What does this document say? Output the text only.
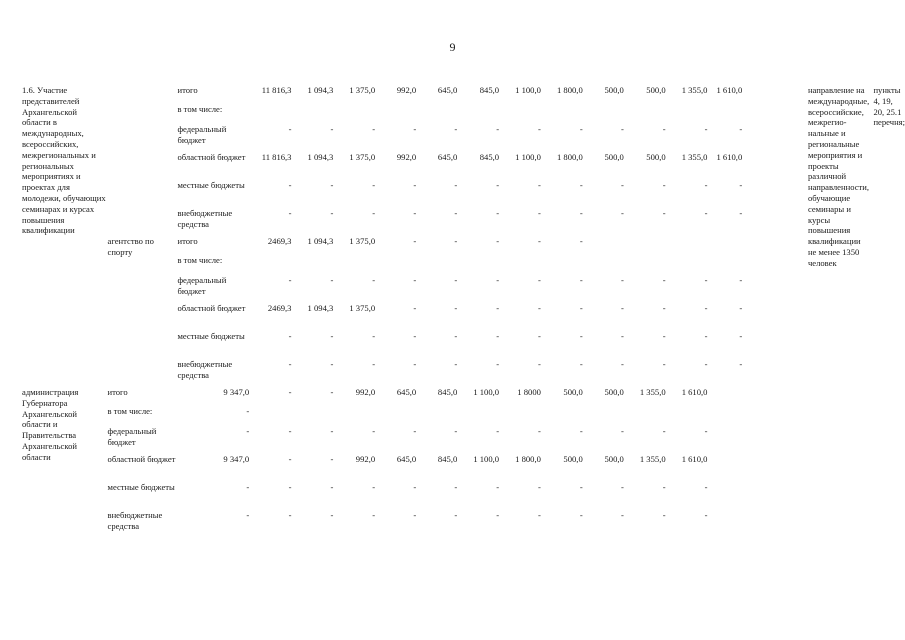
9
1.6. Участие представителей Архангельской области в международных, всероссийских, межрегиональных и региональных мероприятиях и проектах для молодежи, обучающих семинарах и курсах повышения квалификации		итого	11 816,3	1 094,3	1 375,0	992,0	645,0	845,0	1 100,0	1 800,0	500,0	500,0	1 355,0	1 610,0		направление на международные, всероссийские, межрегио-нальные и региональные мероприятия и проекты различной направленности, обучающие семинары и курсы повышения квалификации не менее 1350 человек	пункты 4, 19, 20, 25.1 перечня;
		в том числе:															
		федеральный бюджет	-	-	-	-	-	-	-	-	-	-	-	-			
		областной бюджет	11 816,3	1 094,3	1 375,0	992,0	645,0	845,0	1 100,0	1 800,0	500,0	500,0	1 355,0	1 610,0			
		местные бюджеты	-	-	-	-	-	-	-	-	-	-	-	-			
		внебюджетные средства	-	-	-	-	-	-	-	-	-	-	-	-			
	агентство по спорту	итого	2469,3	1 094,3	1 375,0	-	-	-	-	-							
		в том числе:															
		федеральный бюджет	-	-	-	-	-	-	-	-	-	-	-	-			
		областной бюджет	2469,3	1 094,3	1 375,0	-	-	-	-	-	-	-	-	-			
		местные бюджеты	-	-	-	-	-	-	-	-	-	-	-	-			
		внебюджетные средства	-	-	-	-	-	-	-	-	-	-	-	-			
администрация Губернатора Архангельской области и Правительства Архангельской области	итого	9 347,0	-	-	992,0	645,0	845,0	1 100,0	1 8000	500,0	500,0	1 355,0	1 610,0				
	в том числе:	-															
	федеральный бюджет	-	-	-	-	-	-	-	-	-	-	-	-				
	областной бюджет	9 347,0	-	-	992,0	645,0	845,0	1 100,0	1 800,0	500,0	500,0	1 355,0	1 610,0				
	местные бюджеты	-	-	-	-	-	-	-	-	-	-	-	-				
	внебюджетные средства	-	-	-	-	-	-	-	-	-	-	-	-				
